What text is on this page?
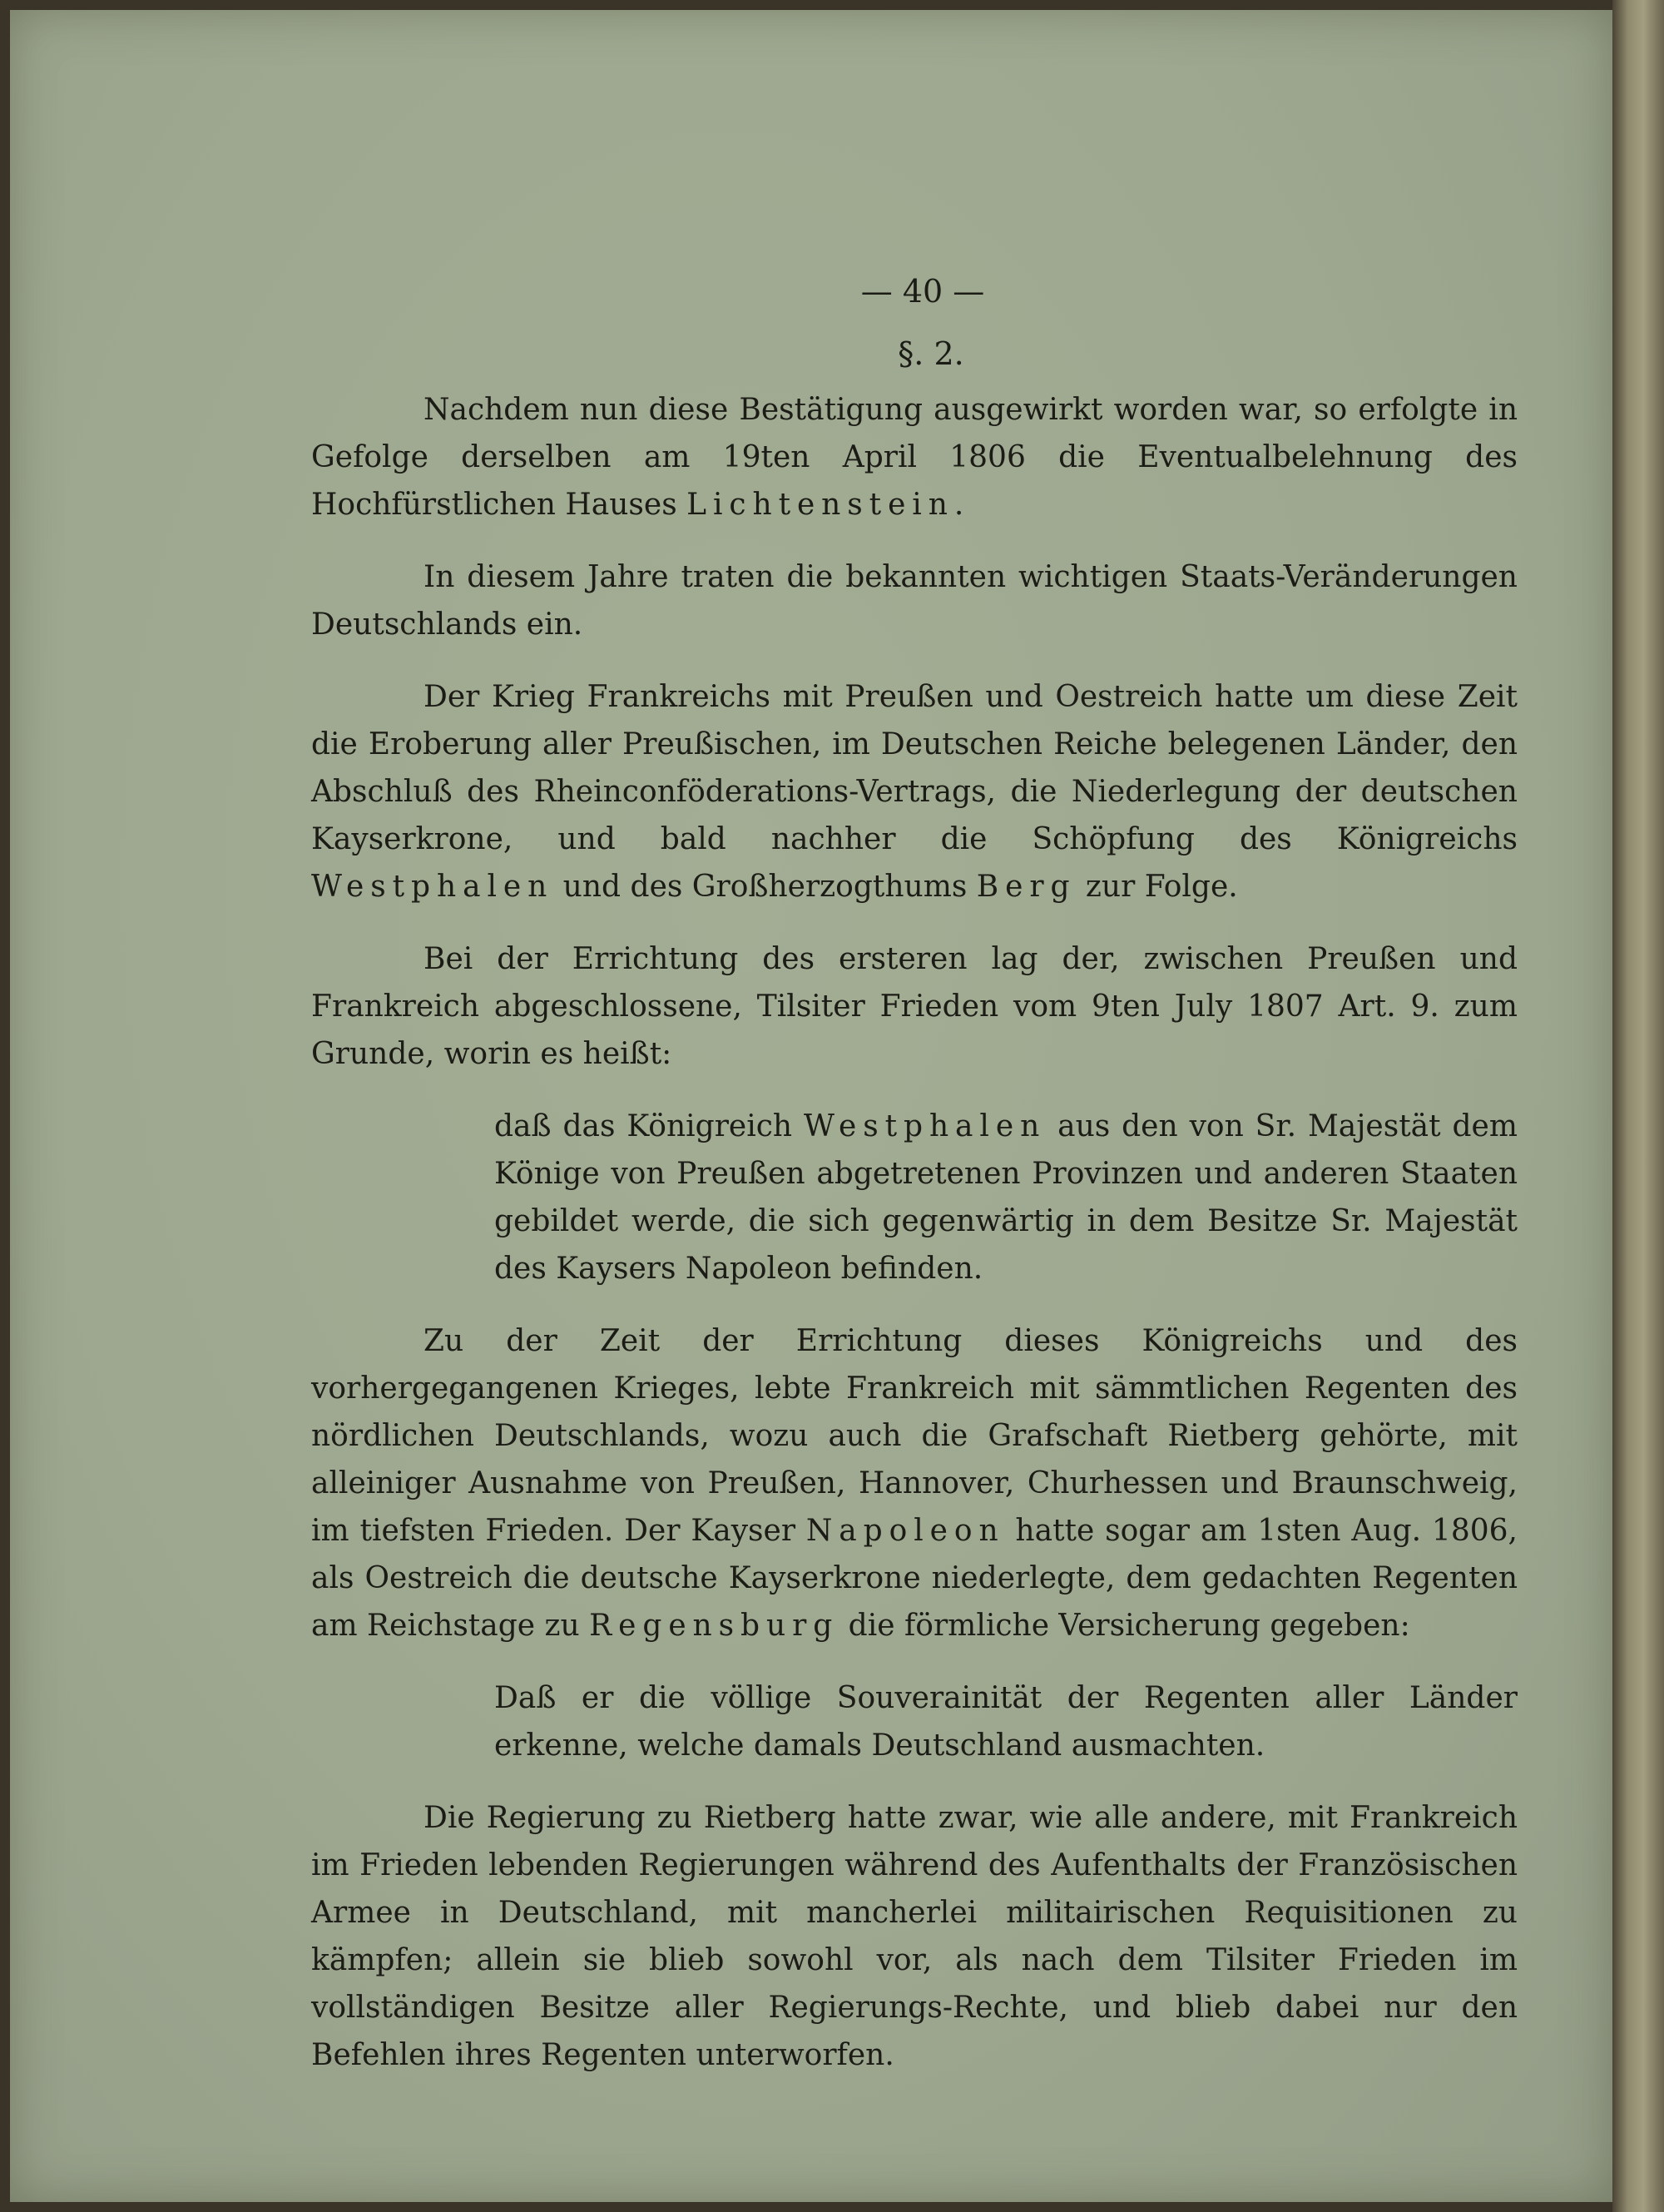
— 40 —
§. 2.

Nachdem nun diese Bestätigung ausgewirkt worden war, so erfolgte in Gefolge derselben am 19ten April 1806 die Eventualbelehnung des Hochfürstlichen Hauses Lichtenstein.

In diesem Jahre traten die bekannten wichtigen Staats-Veränderungen Deutschlands ein.

Der Krieg Frankreichs mit Preußen und Oestreich hatte um diese Zeit die Eroberung aller Preußischen, im Deutschen Reiche belegenen Länder, den Abschluß des Rheinconföderations-Vertrags, die Niederlegung der deutschen Kayserkrone, und bald nachher die Schöpfung des Königreichs Westphalen und des Großherzogthums Berg zur Folge.

Bei der Errichtung des ersteren lag der, zwischen Preußen und Frankreich abgeschlossene, Tilsiter Frieden vom 9ten July 1807 Art. 9. zum Grunde, worin es heißt:

daß das Königreich Westphalen aus den von Sr. Majestät dem Könige von Preußen abgetretenen Provinzen und anderen Staaten gebildet werde, die sich gegenwärtig in dem Besitze Sr. Majestät des Kaysers Napoleon befinden.

Zu der Zeit der Errichtung dieses Königreichs und des vorhergegangenen Krieges, lebte Frankreich mit sämmtlichen Regenten des nördlichen Deutschlands, wozu auch die Grafschaft Rietberg gehörte, mit alleiniger Ausnahme von Preußen, Hannover, Churhessen und Braunschweig, im tiefsten Frieden. Der Kayser Napoleon hatte sogar am 1sten Aug. 1806, als Oestreich die deutsche Kayserkrone niederlegte, dem gedachten Regenten am Reichstage zu Regensburg die förmliche Versicherung gegeben:

Daß er die völlige Souverainität der Regenten aller Länder erkenne, welche damals Deutschland ausmachten.

Die Regierung zu Rietberg hatte zwar, wie alle andere, mit Frankreich im Frieden lebenden Regierungen während des Aufenthalts der Französischen Armee in Deutschland, mit mancherlei militairischen Requisitionen zu kämpfen; allein sie blieb sowohl vor, als nach dem Tilsiter Frieden im vollständigen Besitze aller Regierungs-Rechte, und blieb dabei nur den Befehlen ihres Regenten unterworfen.
